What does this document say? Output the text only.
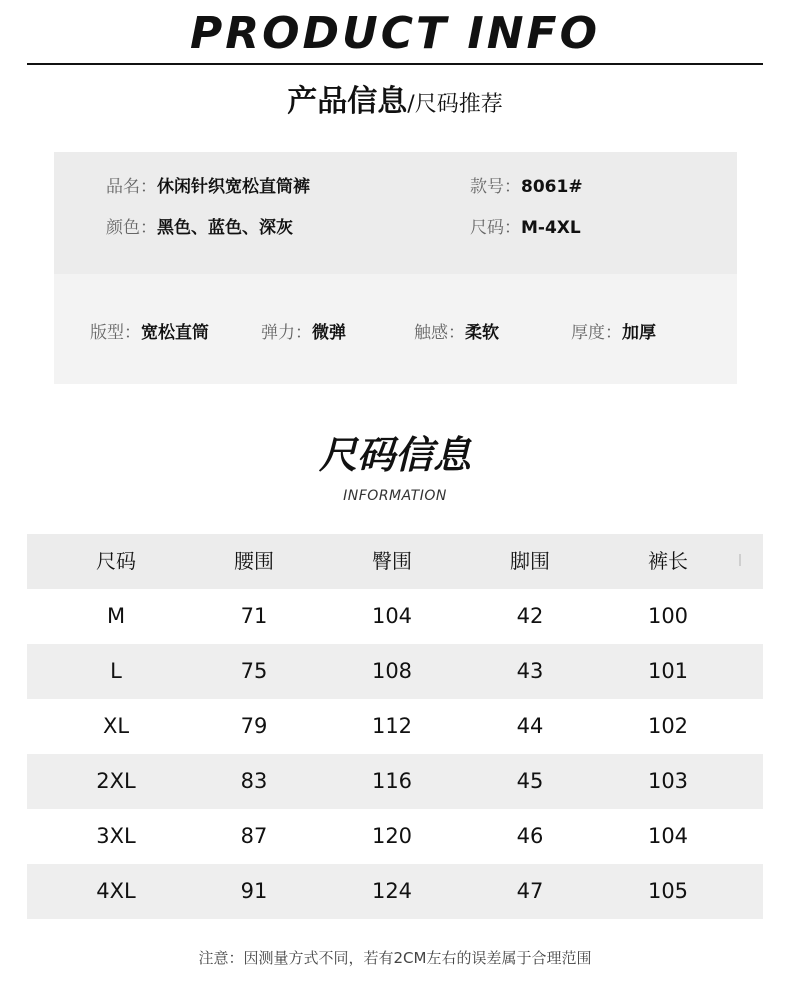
PRODUCT INFO
产品信息/尺码推荐
品名：休闲针织宽松直筒裤	款号：8061#
颜色：黑色、蓝色、深灰	尺码：M-4XL
版型：宽松直筒	弹力：微弹	触感：柔软	厚度：加厚
尺码信息
INFORMATION
尺码	腰围	臀围	脚围	裤长
M	71	104	42	100
L	75	108	43	101
XL	79	112	44	102
2XL	83	116	45	103
3XL	87	120	46	104
4XL	91	124	47	105
注意：因测量方式不同，若有2CM左右的误差属于合理范围
